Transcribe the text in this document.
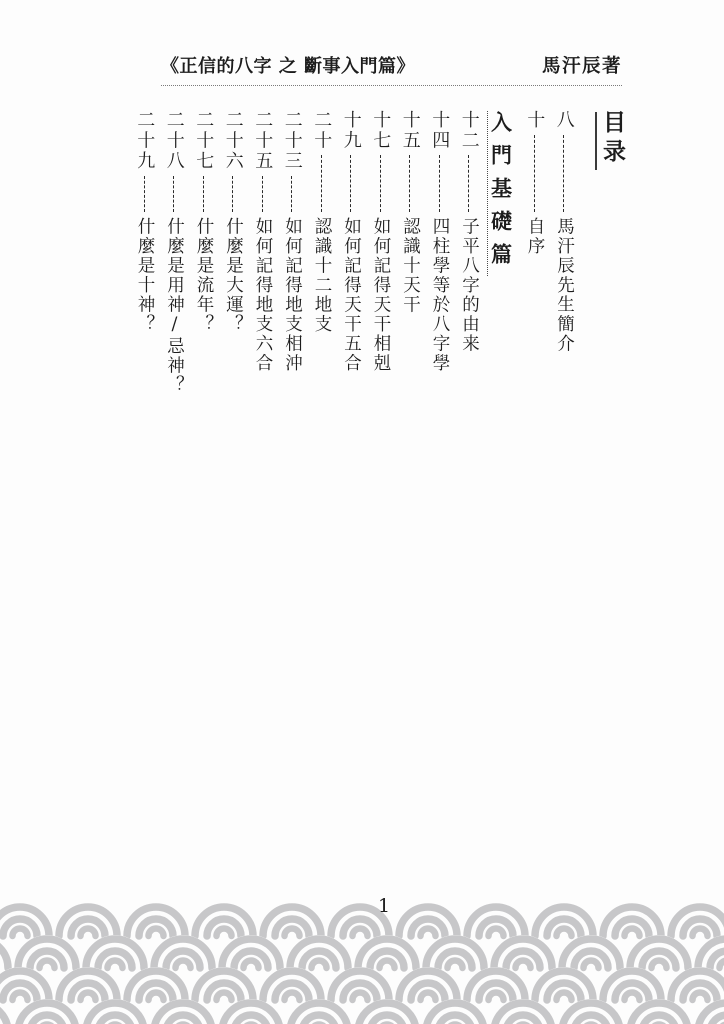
《正信的八字 之 斷事入門篇》	馬汗辰著
目录
八
馬汗辰先生簡介
十
自序
入門基礎篇
十二
子平八字的由来
十四
四柱學等於八字學
十五
認識十天干
十七
如何記得天干相剋
十九
如何記得天干五合
二十
認識十二地支
二十三
如何記得地支相沖
二十五
如何記得地支六合
二十六
什麼是大運？
二十七
什麼是流年？
二十八
什麼是用神/忌神？
二十九
什麼是十神？
1
